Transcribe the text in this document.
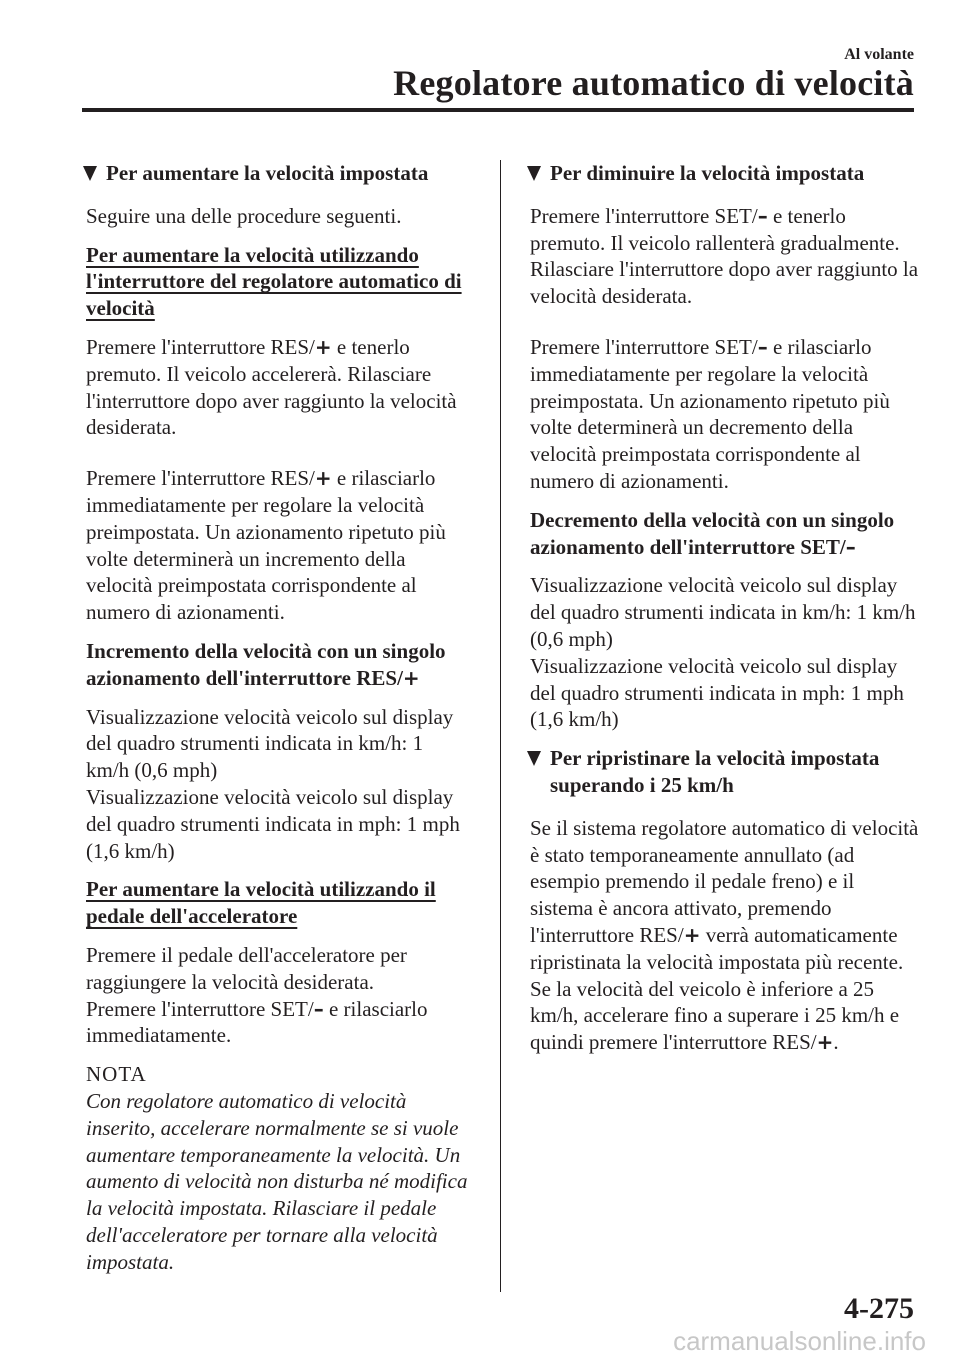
Al volante
Regolatore automatico di velocità
Per aumentare la velocità impostata

Seguire una delle procedure seguenti.

Per aumentare la velocità utilizzando l'interruttore del regolatore automatico di velocità

Premere l'interruttore RES/ + e tenerlo premuto. Il veicolo accelererà. Rilasciare l'interruttore dopo aver raggiunto la velocità desiderata.

Premere l'interruttore RES/ + e rilasciarlo immediatamente per regolare la velocità preimpostata. Un azionamento ripetuto più volte determinerà un incremento della velocità preimpostata corrispondente al numero di azionamenti.

Incremento della velocità con un singolo azionamento dell'interruttore RES/ +

Visualizzazione velocità veicolo sul display del quadro strumenti indicata in km/h: 1 km/h (0,6 mph)

Visualizzazione velocità veicolo sul display del quadro strumenti indicata in mph: 1 mph (1,6 km/h)

Per aumentare la velocità utilizzando il pedale dell'acceleratore

Premere il pedale dell'acceleratore per raggiungere la velocità desiderata.

Premere l'interruttore SET/ – e rilasciarlo immediatamente.

NOTA

Con regolatore automatico di velocità inserito, accelerare normalmente se si vuole aumentare temporaneamente la velocità. Un aumento di velocità non disturba né modifica la velocità impostata. Rilasciare il pedale dell'acceleratore per tornare alla velocità impostata.

Per diminuire la velocità impostata

Premere l'interruttore SET/ – e tenerlo premuto. Il veicolo rallenterà gradualmente.

Rilasciare l'interruttore dopo aver raggiunto la velocità desiderata.

Premere l'interruttore SET/ – e rilasciarlo immediatamente per regolare la velocità preimpostata. Un azionamento ripetuto più volte determinerà un decremento della velocità preimpostata corrispondente al numero di azionamenti.

Decremento della velocità con un singolo azionamento dell'interruttore SET/ –

Visualizzazione velocità veicolo sul display del quadro strumenti indicata in km/h: 1 km/h (0,6 mph)

Visualizzazione velocità veicolo sul display del quadro strumenti indicata in mph: 1 mph (1,6 km/h)

Per ripristinare la velocità impostata superando i 25 km/h

Se il sistema regolatore automatico di velocità è stato temporaneamente annullato (ad esempio premendo il pedale freno) e il sistema è ancora attivato, premendo l'interruttore RES/ + verrà automaticamente ripristinata la velocità impostata più recente.

Se la velocità del veicolo è inferiore a 25 km/h, accelerare fino a superare i 25 km/h e quindi premere l'interruttore RES/ + .

4-275
carmanualsonline.info
